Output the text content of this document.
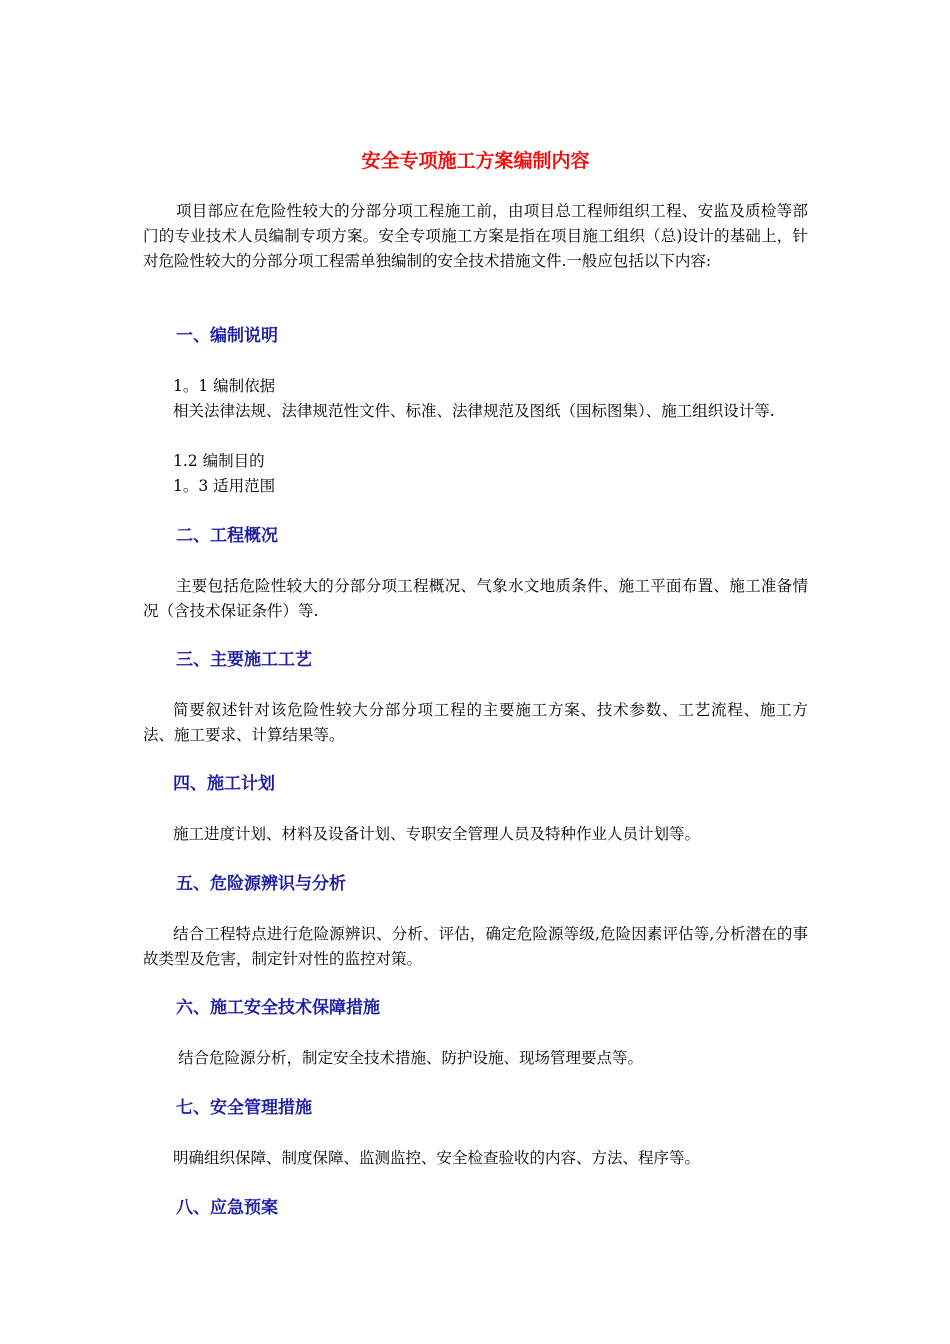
安全专项施工方案编制内容

项目部应在危险性较大的分部分项工程施工前，由项目总工程师组织工程、安监及质检等部门的专业技术人员编制专项方案。安全专项施工方案是指在项目施工组织（总)设计的基础上，针对危险性较大的分部分项工程需单独编制的安全技术措施文件.一般应包括以下内容:

一、编制说明

1。1 编制依据

相关法律法规、法律规范性文件、标准、法律规范及图纸（国标图集）、施工组织设计等.

1.2 编制目的

1。3 适用范围

二、工程概况

主要包括危险性较大的分部分项工程概况、气象水文地质条件、施工平面布置、施工准备情况（含技术保证条件）等.

三、主要施工工艺

简要叙述针对该危险性较大分部分项工程的主要施工方案、技术参数、工艺流程、施工方法、施工要求、计算结果等。

四、施工计划

施工进度计划、材料及设备计划、专职安全管理人员及特种作业人员计划等。

五、危险源辨识与分析

结合工程特点进行危险源辨识、分析、评估，确定危险源等级,危险因素评估等,分析潜在的事故类型及危害，制定针对性的监控对策。

六、施工安全技术保障措施

结合危险源分析，制定安全技术措施、防护设施、现场管理要点等。

七、安全管理措施

明确组织保障、制度保障、监测监控、安全检查验收的内容、方法、程序等。

八、应急预案
